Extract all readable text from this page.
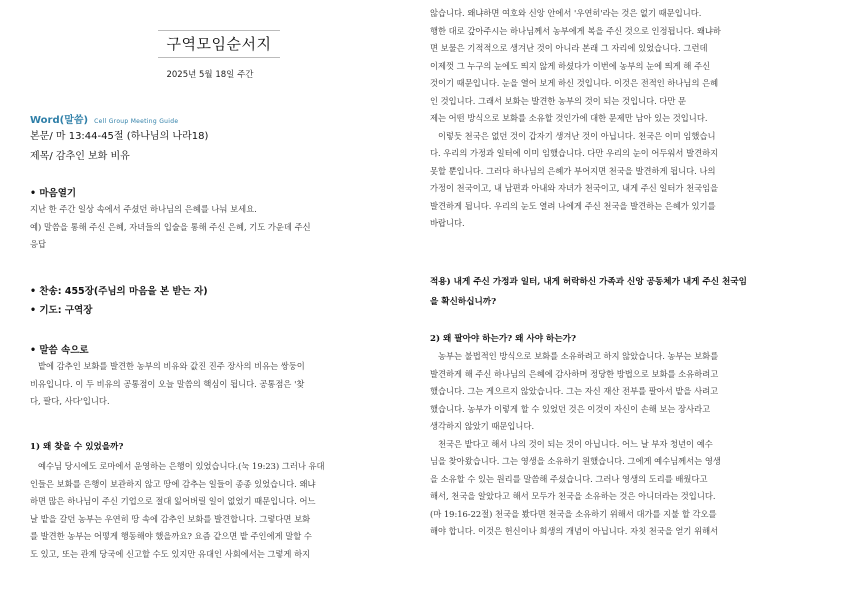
구역모임순서지
2025년 5월 18일 주간
Word(말씀) Cell Group Meeting Guide
본문/ 마 13:44-45절 (하나님의 나라18)
제목/ 감추인 보화 비유
• 마음열기
지난 한 주간 일상 속에서 주셨던 하나님의 은혜를 나눠 보세요.
예) 말씀을 통해 주신 은혜, 자녀들의 입술을 통해 주신 은혜, 기도 가운데 주신
응답
• 찬송: 455장(주님의 마음을 본 받는 자)
• 기도: 구역장
• 말씀 속으로
밭에 감추인 보화를 발견한 농부의 비유와 값진 진주 장사의 비유는 쌍둥이
비유입니다. 이 두 비유의 공통점이 오늘 말씀의 핵심이 됩니다. 공통점은 '찾
다, 팔다, 사다'입니다.
1) 왜 찾을 수 있었을까?
예수님 당시에도 로마에서 운영하는 은행이 있었습니다.(눅 19:23) 그러나 유대
인들은 보화를 은행이 보관하지 않고 땅에 감추는 일들이 종종 있었습니다. 왜냐
하면 많은 하나님이 주신 기업으로 절대 잃어버릴 일이 없었기 때문입니다. 어느
날 밭을 갈던 농부는 우연히 땅 속에 감추인 보화를 발견합니다. 그렇다면 보화
를 발견한 농부는 어떻게 행동해야 했을까요? 요즘 같으면 밭 주인에게 말할 수
도 있고, 또는 관계 당국에 신고할 수도 있지만 유대인 사회에서는 그렇게 하지
않습니다. 왜냐하면 여호와 신앙 안에서 '우연히'라는 것은 없기 때문입니다.
행한 대로 갚아주시는 하나님께서 농부에게 복을 주신 것으로 인정됩니다. 왜냐하
면 보물은 기적적으로 생겨난 것이 아니라 본래 그 자리에 있었습니다. 그런데
이제껏 그 누구의 눈에도 띄지 않게 하셨다가 이번에 농부의 눈에 띄게 해 주신
것이기 때문입니다. 눈을 열어 보게 하신 것입니다. 이것은 전적인 하나님의 은혜
인 것입니다. 그래서 보화는 발견한 농부의 것이 되는 것입니다. 다만 문
제는 어떤 방식으로 보화를 소유할 것인가에 대한 문제만 남아 있는 것입니다.
이렇듯 천국은 없던 것이 갑자기 생겨난 것이 아닙니다. 천국은 이미 임했습니
다. 우리의 가정과 일터에 이미 임했습니다. 다만 우리의 눈이 어두워서 발견하지
못할 뿐입니다. 그러다 하나님의 은혜가 부어지면 천국을 발견하게 됩니다. 나의
가정이 천국이고, 내 남편과 아내와 자녀가 천국이고, 내게 주신 일터가 천국임을
발견하게 됩니다. 우리의 눈도 열려 나에게 주신 천국을 발견하는 은혜가 있기를
바랍니다.
적용) 내게 주신 가정과 일터, 내게 허락하신 가족과 신앙 공동체가 내게 주신 천국임
을 확신하십니까?
2) 왜 팔아야 하는가? 왜 사야 하는가?
농부는 불법적인 방식으로 보화를 소유하려고 하지 않았습니다. 농부는 보화를
발견하게 해 주신 하나님의 은혜에 감사하며 정당한 방법으로 보화를 소유하려고
했습니다. 그는 게으르지 않았습니다. 그는 자신 재산 전부를 팔아서 밭을 사려고
했습니다. 농부가 이렇게 할 수 있었던 것은 이것이 자신이 손해 보는 장사라고
생각하지 않았기 때문입니다.
천국은 밭다고 해서 나의 것이 되는 것이 아닙니다. 어느 날 부자 청년이 예수
님을 찾아왔습니다. 그는 영생을 소유하기 원했습니다. 그에게 예수님께서는 영생
을 소유할 수 있는 원리를 말씀해 주셨습니다. 그러나 영생의 도리를 배웠다고
해서, 천국을 알았다고 해서 모두가 천국을 소유하는 것은 아니더라는 것입니다.
(마 19:16-22절) 천국을 봤다면 천국을 소유하기 위해서 대가를 지불 할 각오를
해야 합니다. 이것은 헌신이나 희생의 개념이 아닙니다. 자칫 천국을 얻기 위해서
